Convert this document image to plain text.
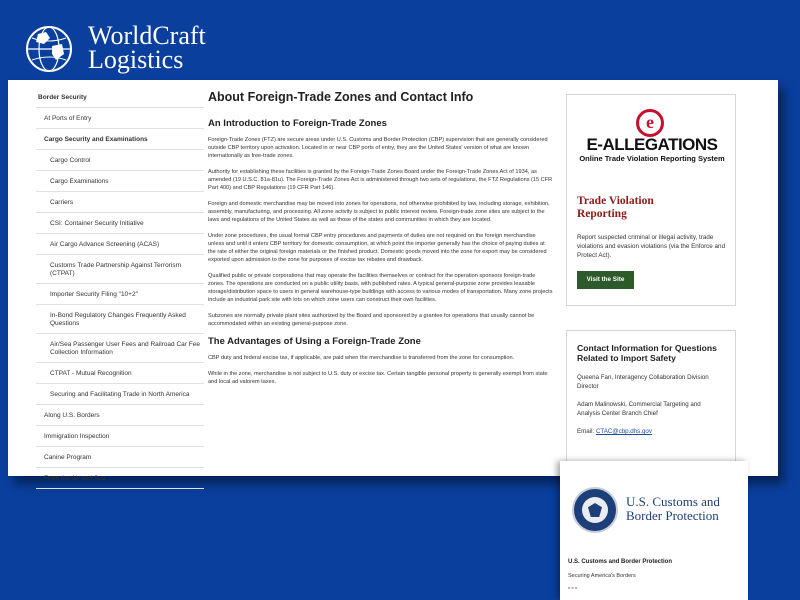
WorldCraft
Logistics
Border Security
At Ports of Entry
Cargo Security and Examinations
Cargo Control
Cargo Examinations
Carriers
CSI: Container Security Initiative
Air Cargo Advance Screening (ACAS)
Customs Trade Partnership Against Terrorism (CTPAT)
Importer Security Filing "10+2"
In-Bond Regulatory Changes Frequently Asked Questions
Air/Sea Passenger User Fees and Railroad Car Fee Collection Information
CTPAT - Mutual Recognition
Securing and Facilitating Trade in North America
Along U.S. Borders
Immigration Inspection
Canine Program
From the Air and Sea
About Foreign-Trade Zones and Contact Info
An Introduction to Foreign-Trade Zones

Foreign-Trade Zones (FTZ) are secure areas under U.S. Customs and Border Protection (CBP) supervision that are generally considered outside CBP territory upon activation. Located in or near CBP ports of entry, they are the United States' version of what are known internationally as free-trade zones.

Authority for establishing these facilities is granted by the Foreign-Trade Zones Board under the Foreign-Trade Zones Act of 1934, as amended (19 U.S.C. 81a-81u). The Foreign-Trade Zones Act is administered through two sets of regulations, the FTZ Regulations (15 CFR Part 400) and CBP Regulations (19 CFR Part 146).

Foreign and domestic merchandise may be moved into zones for operations, not otherwise prohibited by law, including storage, exhibition, assembly, manufacturing, and processing. All zone activity is subject to public interest review. Foreign-trade zone sites are subject to the laws and regulations of the United States as well as those of the states and communities in which they are located.

Under zone procedures, the usual formal CBP entry procedures and payments of duties are not required on the foreign merchandise unless and until it enters CBP territory for domestic consumption, at which point the importer generally has the choice of paying duties at the rate of either the original foreign materials or the finished product. Domestic goods moved into the zone for export may be considered exported upon admission to the zone for purposes of excise tax rebates and drawback.

Qualified public or private corporations that may operate the facilities themselves or contract for the operation sponsors foreign-trade zones. The operations are conducted on a public utility basis, with published rates. A typical general-purpose zone provides leasable storage/distribution space to users in general warehouse-type buildings with access to various modes of transportation. Many zone projects include an industrial park site with lots on which zone users can construct their own facilities.

Subzones are normally private plant sites authorized by the Board and sponsored by a grantee for operations that usually cannot be accommodated within an existing general-purpose zone.

The Advantages of Using a Foreign-Trade Zone

CBP duty and federal excise tax, if applicable, are paid when the merchandise is transferred from the zone for consumption.

While in the zone, merchandise is not subject to U.S. duty or excise tax. Certain tangible personal property is generally exempt from state and local ad valorem taxes.

e
E-ALLEGATIONS
Online Trade Violation Reporting System
Trade Violation
Reporting
Report suspected criminal or illegal activity, trade violations and evasion violations (via the Enforce and Protect Act).
Visit the Site
Contact Information for Questions Related to Import Safety

Queena Fan, Interagency Collaboration Division Director

Adam Malinowski, Commercial Targeting and Analysis Center Branch Chief

Email: CTAC@cbp.dhs.gov

U.S. Customs and
Border Protection
U.S. Customs and Border Protection
Securing America's Borders
■ ■ ■
